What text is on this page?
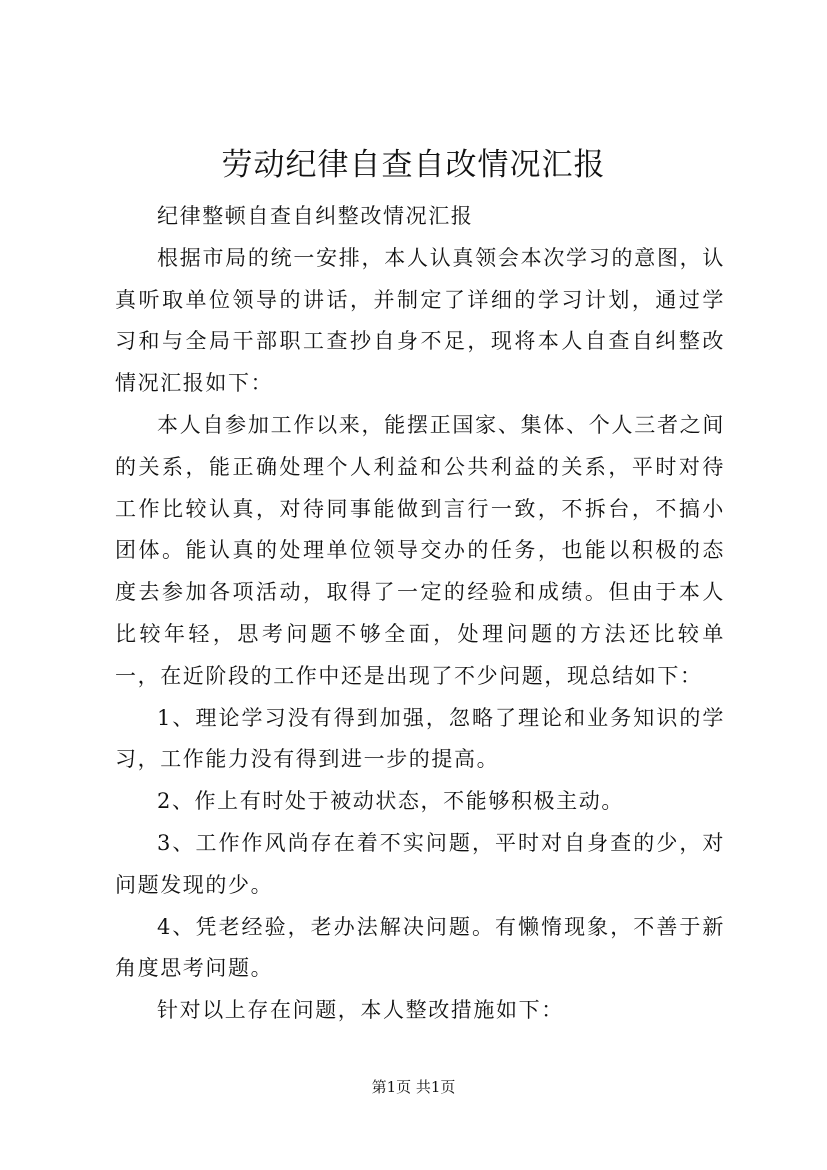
劳动纪律自查自改情况汇报

纪律整顿自查自纠整改情况汇报

根据市局的统一安排，本人认真领会本次学习的意图，认真听取单位领导的讲话，并制定了详细的学习计划，通过学习和与全局干部职工查抄自身不足，现将本人自查自纠整改情况汇报如下：

本人自参加工作以来，能摆正国家、集体、个人三者之间的关系，能正确处理个人利益和公共利益的关系，平时对待工作比较认真，对待同事能做到言行一致，不拆台，不搞小团体。能认真的处理单位领导交办的任务，也能以积极的态度去参加各项活动，取得了一定的经验和成绩。但由于本人比较年轻，思考问题不够全面，处理问题的方法还比较单一，在近阶段的工作中还是出现了不少问题，现总结如下：

1、理论学习没有得到加强，忽略了理论和业务知识的学习，工作能力没有得到进一步的提高。

2、作上有时处于被动状态，不能够积极主动。

3、工作作风尚存在着不实问题，平时对自身查的少，对问题发现的少。

4、凭老经验，老办法解决问题。有懒惰现象，不善于新角度思考问题。

针对以上存在问题，本人整改措施如下：

第1页 共1页
